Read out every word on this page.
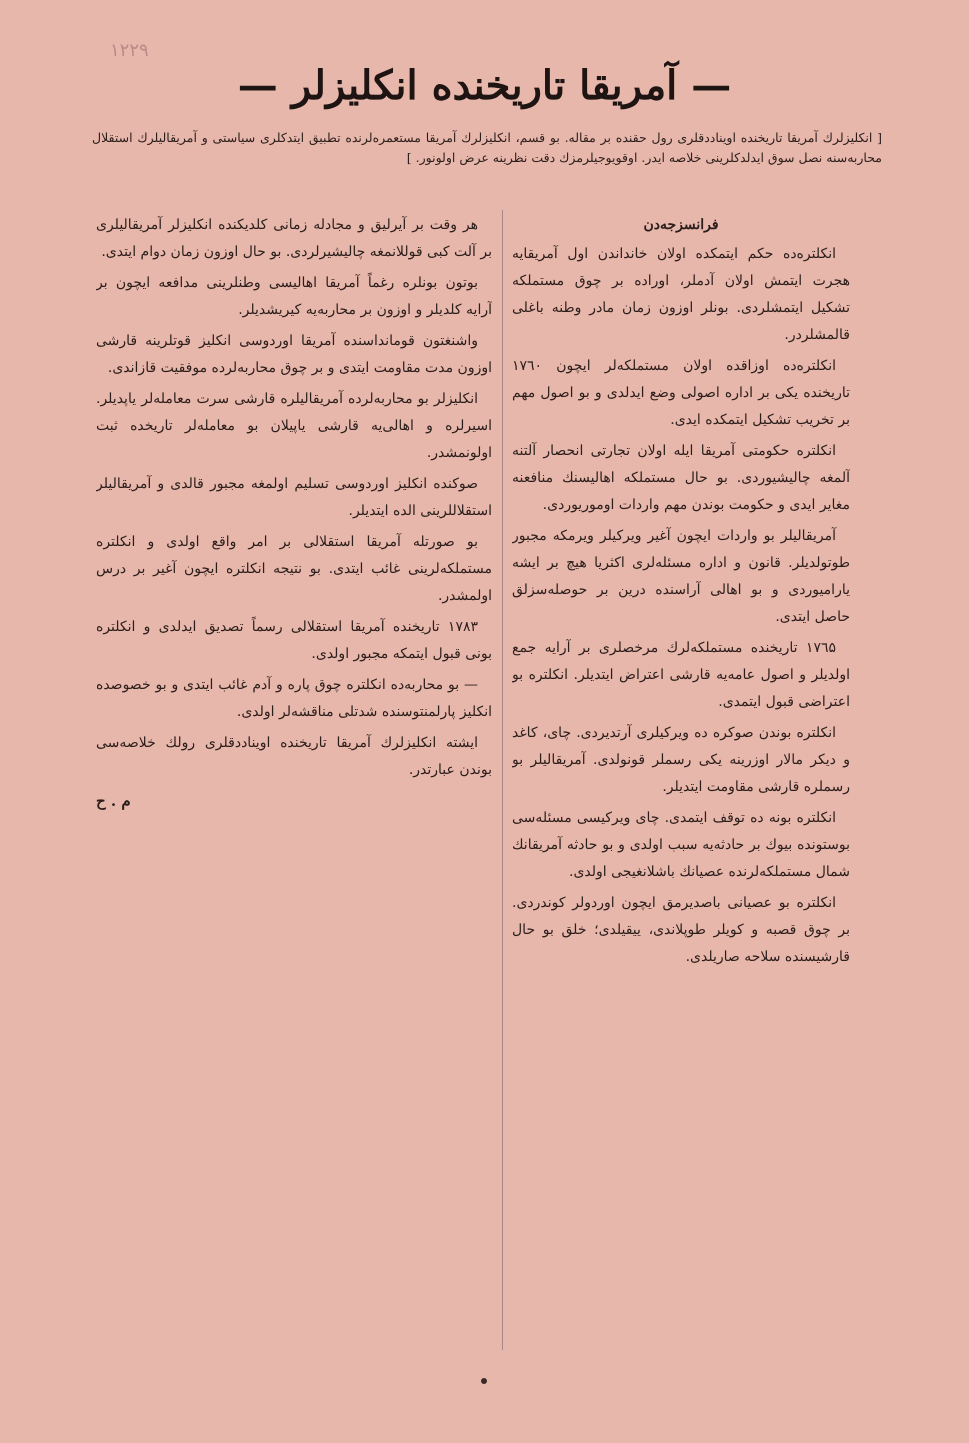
۱۲۲۹
— آمریقا تاریخنده انکلیزلر —
[ انکلیزلرك آمریقا تاریخنده اویناددقلری رول حقنده بر مقاله. بو قسم، انکلیزلرك آمریقا مستعمره‌لرنده تطبیق ایتدکلری سیاستی و آمریقالیلرك استقلال محاربه‌سنه نصل سوق ایدلدکلرینی خلاصه ایدر. اوقویوجیلرمزك دقت نظرینه عرض اولونور. ]
فرانسزجه‌دن

انکلتره‌ده حکم ایتمکده اولان خانداندن اول آمریقایه هجرت ایتمش اولان آدملر، اوراده بر چوق مستملکه تشکیل ایتمشلردی. بونلر اوزون زمان مادر وطنه باغلی قالمشلردر.

انکلتره‌ده اوزاقده اولان مستملکه‌لر ایچون ۱۷٦۰ تاریخنده یکی بر اداره اصولی وضع ایدلدی و بو اصول مهم بر تخریب تشکیل ایتمکده ایدی.

انکلتره حکومتی آمریقا ایله اولان تجارتی انحصار آلتنه آلمغه چالیشیوردی. بو حال مستملکه اهالیسنك منافعنه مغایر ایدی و حکومت بوندن مهم واردات اوموریوردی.

آمریقالیلر بو واردات ایچون آغیر ویرکیلر ویرمکه مجبور طوتولدیلر. قانون و اداره مسئله‌لری اکثریا هیچ بر ایشه یارامیوردی و بو اهالی آراسنده درین بر حوصله‌سزلق حاصل ایتدی.

۱۷٦۵ تاریخنده مستملکه‌لرك مرخصلری بر آرایه جمع اولدیلر و اصول عامه‌یه قارشی اعتراض ایتدیلر. انکلتره بو اعتراضی قبول ایتمدی.

انکلتره بوندن صوکره ده ویرکیلری آرتدیردی. چای، کاغد و دیکر مالار اوزرینه یکی رسملر قونولدی. آمریقالیلر بو رسملره قارشی مقاومت ایتدیلر.

انکلتره بونه ده توقف ایتمدی. چای ویرکیسی مسئله‌سی بوستونده بیوك بر حادثه‌یه سبب اولدی و بو حادثه آمریقانك شمال مستملکه‌لرنده عصیانك باشلانغیجی اولدی.

انکلتره بو عصیانی باصدیرمق ایچون اوردولر کوندردی. بر چوق قصبه و کویلر طوپلاندی، ییقیلدی؛ خلق بو حال قارشیسنده سلاحه صاریلدی.

هر وقت بر آیرلیق و مجادله زمانی کلدیکنده انکلیزلر آمریقالیلری بر آلت کبی قوللانمغه چالیشیرلردی. بو حال اوزون زمان دوام ایتدی.

بوتون بونلره رغماً آمریقا اهالیسی وطنلرینی مدافعه ایچون بر آرایه کلدیلر و اوزون بر محاربه‌یه کیریشدیلر.

واشنغتون قومانداسنده آمریقا اوردوسی انکلیز قوتلرینه قارشی اوزون مدت مقاومت ایتدی و بر چوق محاربه‌لرده موفقیت قازاندی.

انکلیزلر بو محاربه‌لرده آمریقالیلره قارشی سرت معامله‌لر یاپدیلر. اسیرلره و اهالی‌یه قارشی یاپیلان بو معامله‌لر تاریخده ثبت اولونمشدر.

صوکنده انکلیز اوردوسی تسلیم اولمغه مجبور قالدی و آمریقالیلر استقلاللرینی الده ایتدیلر.

بو صورتله آمریقا استقلالی بر امر واقع اولدی و انکلتره مستملکه‌لرینی غائب ایتدی. بو نتیجه انکلتره ایچون آغیر بر درس اولمشدر.

۱۷۸۳ تاریخنده آمریقا استقلالی رسماً تصدیق ایدلدی و انکلتره بونی قبول ایتمکه مجبور اولدی.

— بو محاربه‌ده انکلتره چوق پاره و آدم غائب ایتدی و بو خصوصده انکلیز پارلمنتوسنده شدتلی مناقشه‌لر اولدی.

ایشته انکلیزلرك آمریقا تاریخنده اویناددقلری رولك خلاصه‌سی بوندن عبارتدر.

م . ح
